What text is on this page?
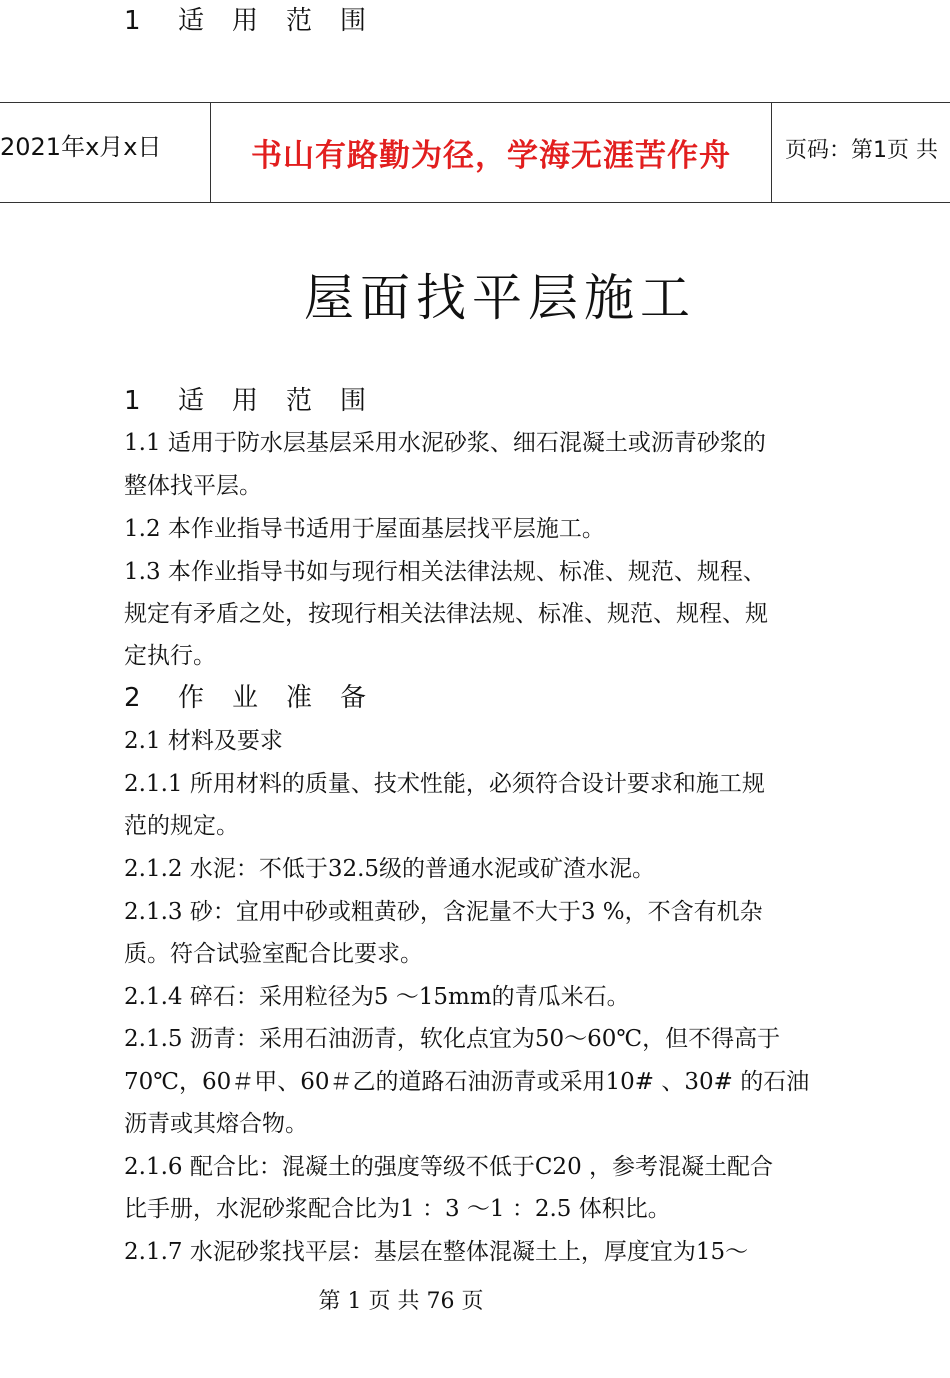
2021年x月x日	书山有路勤为径，学海无涯苦作舟	页码：第1页 共
屋面找平层施工
1 适用范围
1 适用范围
1.1 适用于防水层基层采用水泥砂浆、细石混凝土或沥青砂浆的
整体找平层。
1.2 本作业指导书适用于屋面基层找平层施工。
1.3 本作业指导书如与现行相关法律法规、标准、规范、规程、
规定有矛盾之处，按现行相关法律法规、标准、规范、规程、规
定执行。
2 作业准备
2.1 材料及要求
2.1.1 所用材料的质量、技术性能，必须符合设计要求和施工规
范的规定。
2.1.2 水泥：不低于32.5级的普通水泥或矿渣水泥。
2.1.3 砂：宜用中砂或粗黄砂，含泥量不大于3 %，不含有机杂
质。符合试验室配合比要求。
2.1.4 碎石：采用粒径为5 ～15mm的青瓜米石。
2.1.5 沥青：采用石油沥青，软化点宜为50～60℃，但不得高于
70℃，60＃甲、60＃乙的道路石油沥青或采用10# 、30# 的石油
沥青或其熔合物。
2.1.6 配合比：混凝土的强度等级不低于C20 ，参考混凝土配合
比手册，水泥砂浆配合比为1 ：3 ～1 ：2.5 体积比。
2.1.7 水泥砂浆找平层：基层在整体混凝土上，厚度宜为15～
第 1 页 共 76 页
